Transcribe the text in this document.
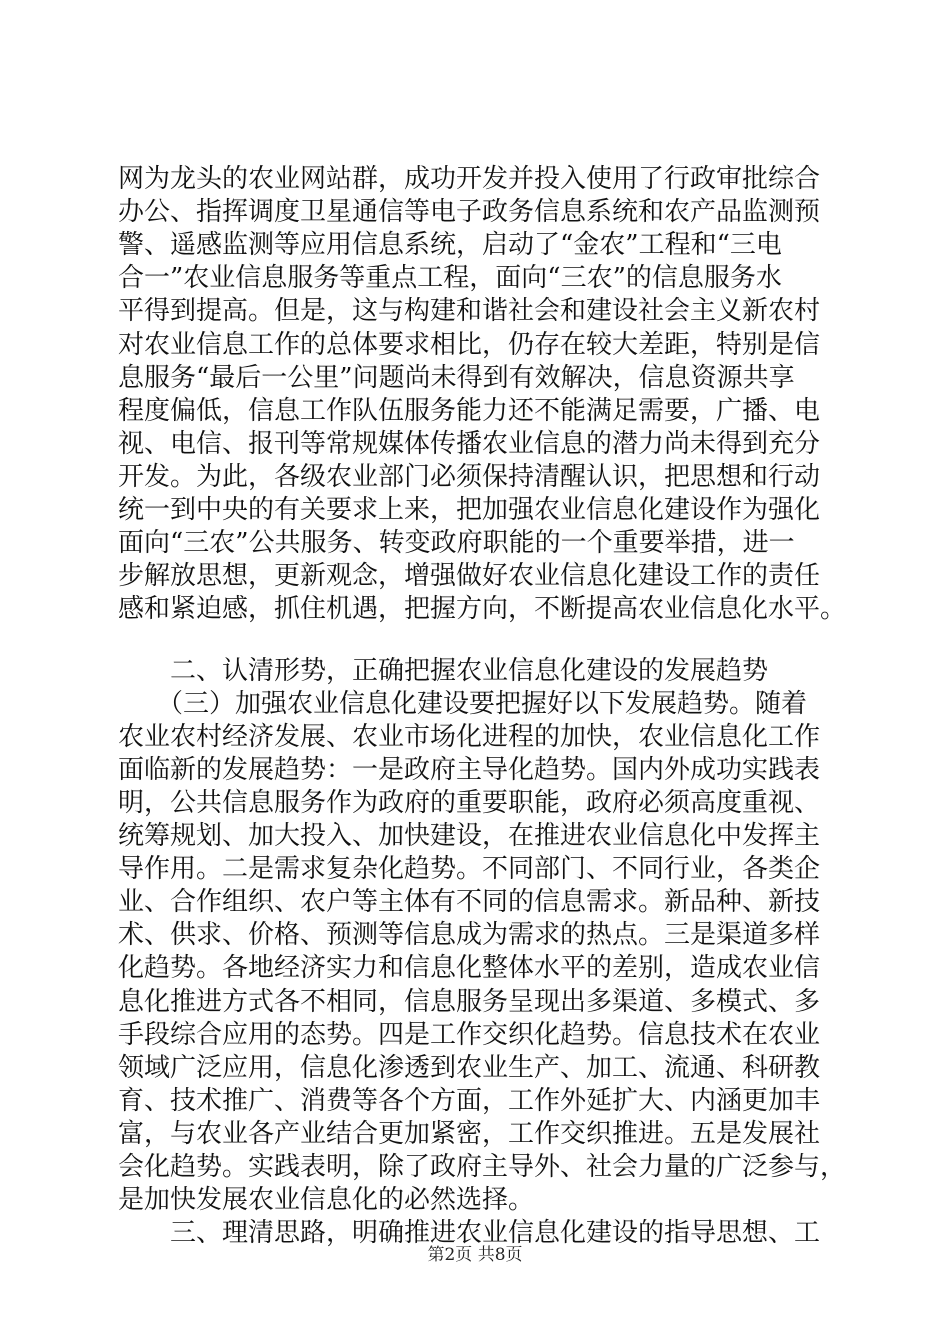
网为龙头的农业网站群，成功开发并投入使用了行政审批综合
办公、指挥调度卫星通信等电子政务信息系统和农产品监测预
警、遥感监测等应用信息系统，启动了“金农”工程和“三电
合一”农业信息服务等重点工程，面向“三农”的信息服务水
平得到提高。但是，这与构建和谐社会和建设社会主义新农村
对农业信息工作的总体要求相比，仍存在较大差距，特别是信
息服务“最后一公里”问题尚未得到有效解决，信息资源共享
程度偏低，信息工作队伍服务能力还不能满足需要，广播、电
视、电信、报刊等常规媒体传播农业信息的潜力尚未得到充分
开发。为此，各级农业部门必须保持清醒认识，把思想和行动
统一到中央的有关要求上来，把加强农业信息化建设作为强化
面向“三农”公共服务、转变政府职能的一个重要举措，进一
步解放思想，更新观念，增强做好农业信息化建设工作的责任
感和紧迫感，抓住机遇，把握方向，不断提高农业信息化水平。
　　二、认清形势，正确把握农业信息化建设的发展趋势
　　（三）加强农业信息化建设要把握好以下发展趋势。随着
农业农村经济发展、农业市场化进程的加快，农业信息化工作
面临新的发展趋势：一是政府主导化趋势。国内外成功实践表
明，公共信息服务作为政府的重要职能，政府必须高度重视、
统筹规划、加大投入、加快建设，在推进农业信息化中发挥主
导作用。二是需求复杂化趋势。不同部门、不同行业，各类企
业、合作组织、农户等主体有不同的信息需求。新品种、新技
术、供求、价格、预测等信息成为需求的热点。三是渠道多样
化趋势。各地经济实力和信息化整体水平的差别，造成农业信
息化推进方式各不相同，信息服务呈现出多渠道、多模式、多
手段综合应用的态势。四是工作交织化趋势。信息技术在农业
领域广泛应用，信息化渗透到农业生产、加工、流通、科研教
育、技术推广、消费等各个方面，工作外延扩大、内涵更加丰
富，与农业各产业结合更加紧密，工作交织推进。五是发展社
会化趋势。实践表明，除了政府主导外、社会力量的广泛参与，
是加快发展农业信息化的必然选择。
　　三、理清思路，明确推进农业信息化建设的指导思想、工
第2页 共8页
